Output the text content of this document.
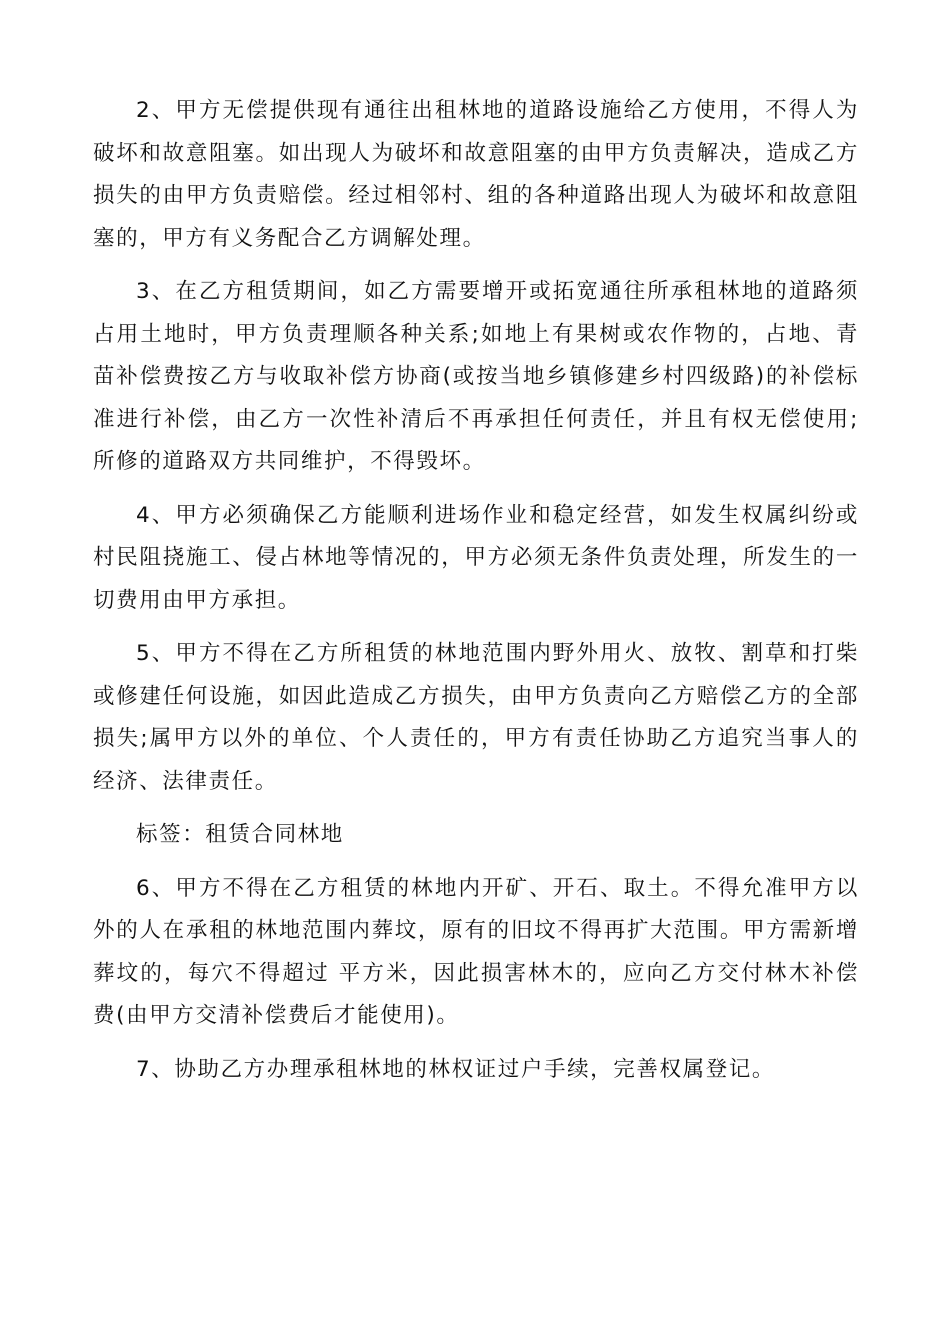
2、甲方无偿提供现有通往出租林地的道路设施给乙方使用，不得人为破坏和故意阻塞。如出现人为破坏和故意阻塞的由甲方负责解决，造成乙方损失的由甲方负责赔偿。经过相邻村、组的各种道路出现人为破坏和故意阻塞的，甲方有义务配合乙方调解处理。

3、在乙方租赁期间，如乙方需要增开或拓宽通往所承租林地的道路须占用土地时，甲方负责理顺各种关系;如地上有果树或农作物的，占地、青苗补偿费按乙方与收取补偿方协商(或按当地乡镇修建乡村四级路)的补偿标准进行补偿，由乙方一次性补清后不再承担任何责任，并且有权无偿使用;所修的道路双方共同维护，不得毁坏。

4、甲方必须确保乙方能顺利进场作业和稳定经营，如发生权属纠纷或村民阻挠施工、侵占林地等情况的，甲方必须无条件负责处理，所发生的一切费用由甲方承担。

5、甲方不得在乙方所租赁的林地范围内野外用火、放牧、割草和打柴或修建任何设施，如因此造成乙方损失，由甲方负责向乙方赔偿乙方的全部损失;属甲方以外的单位、个人责任的，甲方有责任协助乙方追究当事人的经济、法律责任。

标签：租赁合同林地

6、甲方不得在乙方租赁的林地内开矿、开石、取土。不得允准甲方以外的人在承租的林地范围内葬坟，原有的旧坟不得再扩大范围。甲方需新增葬坟的，每穴不得超过 平方米，因此损害林木的，应向乙方交付林木补偿费(由甲方交清补偿费后才能使用)。

7、协助乙方办理承租林地的林权证过户手续，完善权属登记。
